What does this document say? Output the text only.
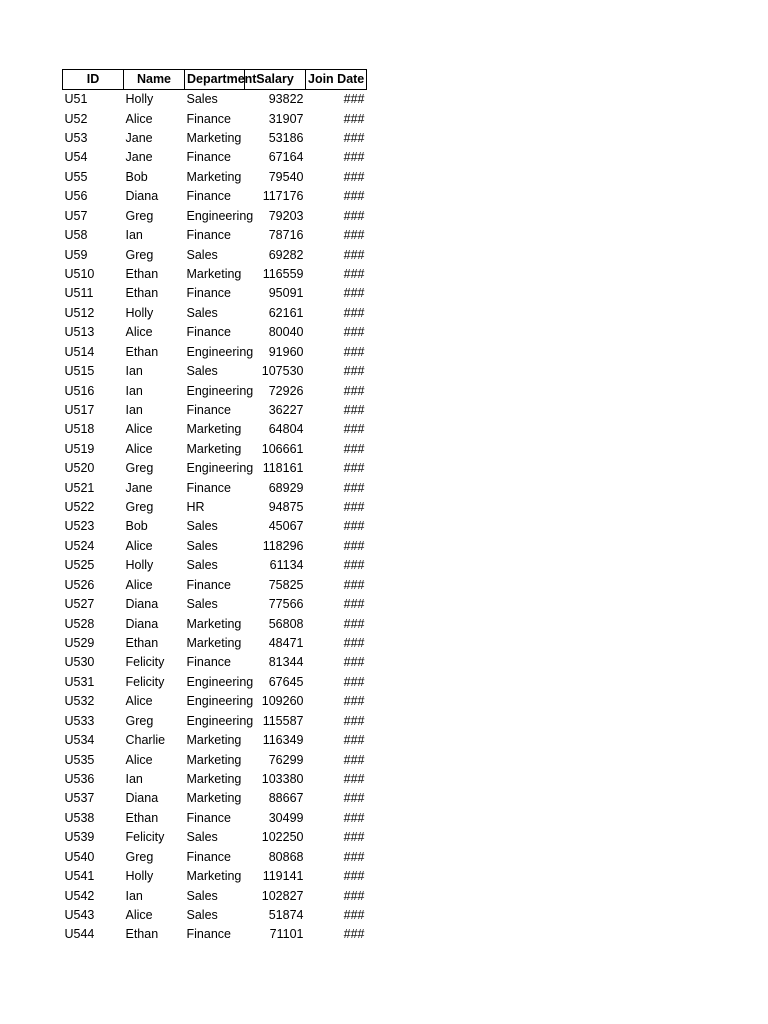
ID	Name	Department	Salary	Join Date
U51	Holly	Sales	93822	###
U52	Alice	Finance	31907	###
U53	Jane	Marketing	53186	###
U54	Jane	Finance	67164	###
U55	Bob	Marketing	79540	###
U56	Diana	Finance	117176	###
U57	Greg	Engineering	79203	###
U58	Ian	Finance	78716	###
U59	Greg	Sales	69282	###
U510	Ethan	Marketing	116559	###
U511	Ethan	Finance	95091	###
U512	Holly	Sales	62161	###
U513	Alice	Finance	80040	###
U514	Ethan	Engineering	91960	###
U515	Ian	Sales	107530	###
U516	Ian	Engineering	72926	###
U517	Ian	Finance	36227	###
U518	Alice	Marketing	64804	###
U519	Alice	Marketing	106661	###
U520	Greg	Engineering	118161	###
U521	Jane	Finance	68929	###
U522	Greg	HR	94875	###
U523	Bob	Sales	45067	###
U524	Alice	Sales	118296	###
U525	Holly	Sales	61134	###
U526	Alice	Finance	75825	###
U527	Diana	Sales	77566	###
U528	Diana	Marketing	56808	###
U529	Ethan	Marketing	48471	###
U530	Felicity	Finance	81344	###
U531	Felicity	Engineering	67645	###
U532	Alice	Engineering	109260	###
U533	Greg	Engineering	115587	###
U534	Charlie	Marketing	116349	###
U535	Alice	Marketing	76299	###
U536	Ian	Marketing	103380	###
U537	Diana	Marketing	88667	###
U538	Ethan	Finance	30499	###
U539	Felicity	Sales	102250	###
U540	Greg	Finance	80868	###
U541	Holly	Marketing	119141	###
U542	Ian	Sales	102827	###
U543	Alice	Sales	51874	###
U544	Ethan	Finance	71101	###
